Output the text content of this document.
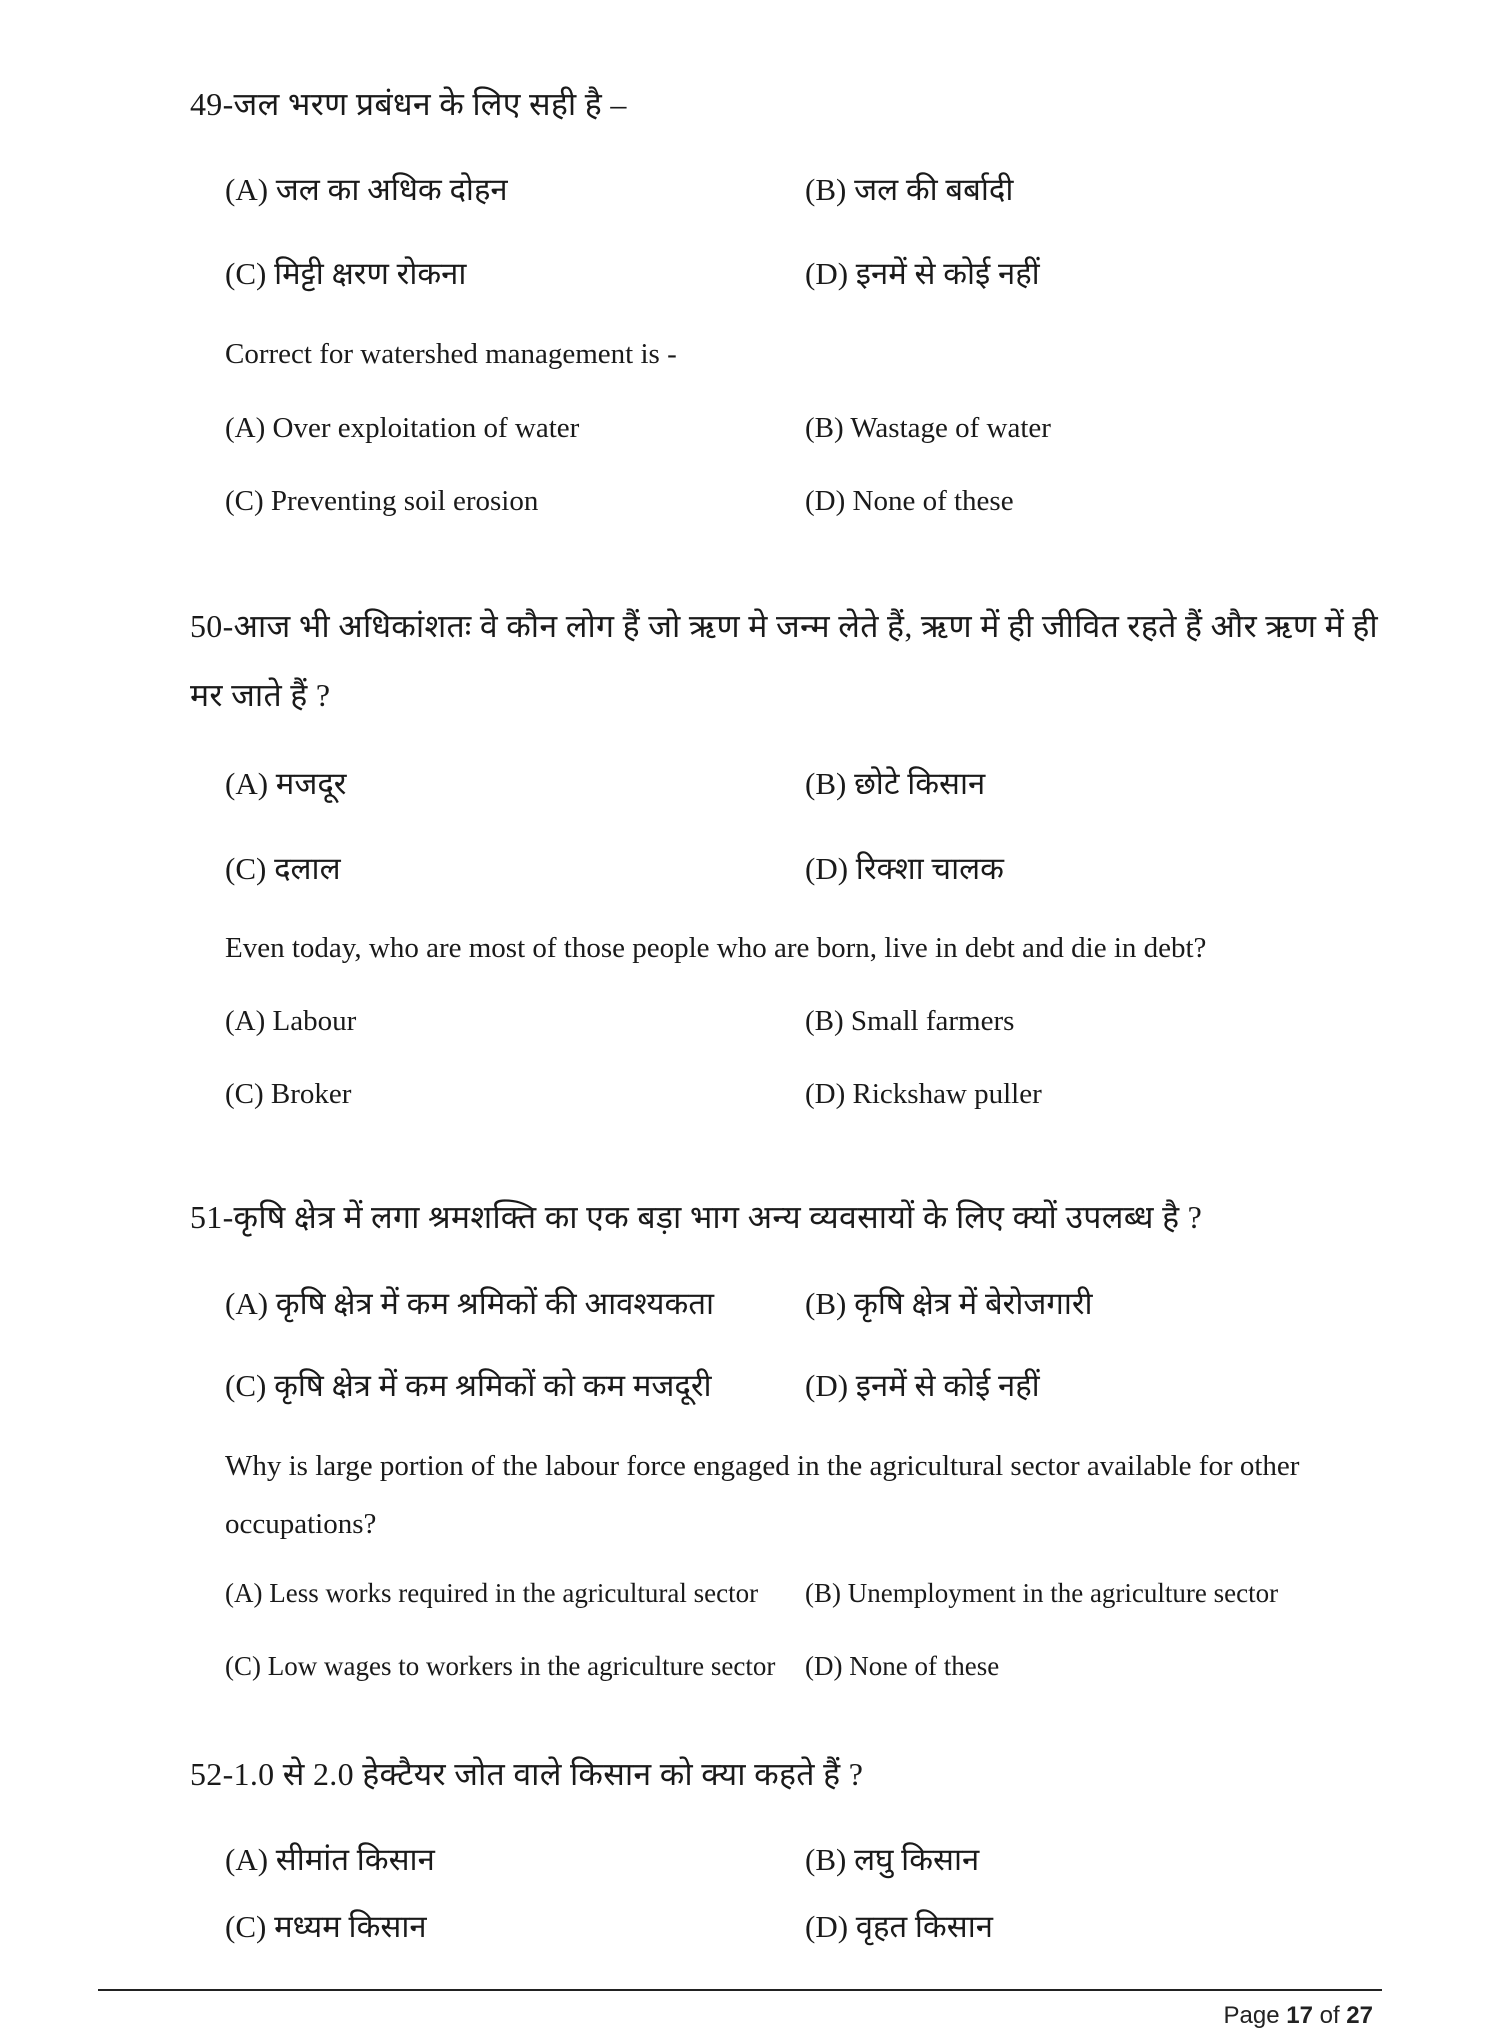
49-जल भरण प्रबंधन के लिए सही है –
(A) जल का अधिक दोहन	(B) जल की बर्बादी
(C) मिट्टी क्षरण रोकना	(D) इनमें से कोई नहीं
Correct for watershed management is -
(A) Over exploitation of water	(B) Wastage of water
(C) Preventing soil erosion	(D) None of these
50-आज भी अधिकांशतः वे कौन लोग हैं जो ऋण मे जन्म लेते हैं, ऋण में ही जीवित रहते हैं और ऋण में ही मर जाते हैं ?
(A) मजदूर	(B) छोटे किसान
(C) दलाल	(D) रिक्शा चालक
Even today, who are most of those people who are born, live in debt and die in debt?
(A) Labour	(B) Small farmers
(C) Broker	(D) Rickshaw puller
51-कृषि क्षेत्र में लगा श्रमशक्ति का एक बड़ा भाग अन्य व्यवसायों के लिए क्यों उपलब्ध है ?
(A) कृषि क्षेत्र में कम श्रमिकों की आवश्यकता	(B) कृषि क्षेत्र में बेरोजगारी
(C) कृषि क्षेत्र में कम श्रमिकों को कम मजदूरी	(D) इनमें से कोई नहीं
Why is large portion of the labour force engaged in the agricultural sector available for other occupations?
(A) Less works required in the agricultural sector (B) Unemployment in the agriculture sector
(C) Low wages to workers in the agriculture sector (D) None of these
52-1.0 से 2.0 हेक्टैयर जोत वाले किसान को क्या कहते हैं ?
(A) सीमांत किसान	(B) लघु किसान
(C) मध्यम किसान	(D) वृहत किसान
Page 17 of 27
